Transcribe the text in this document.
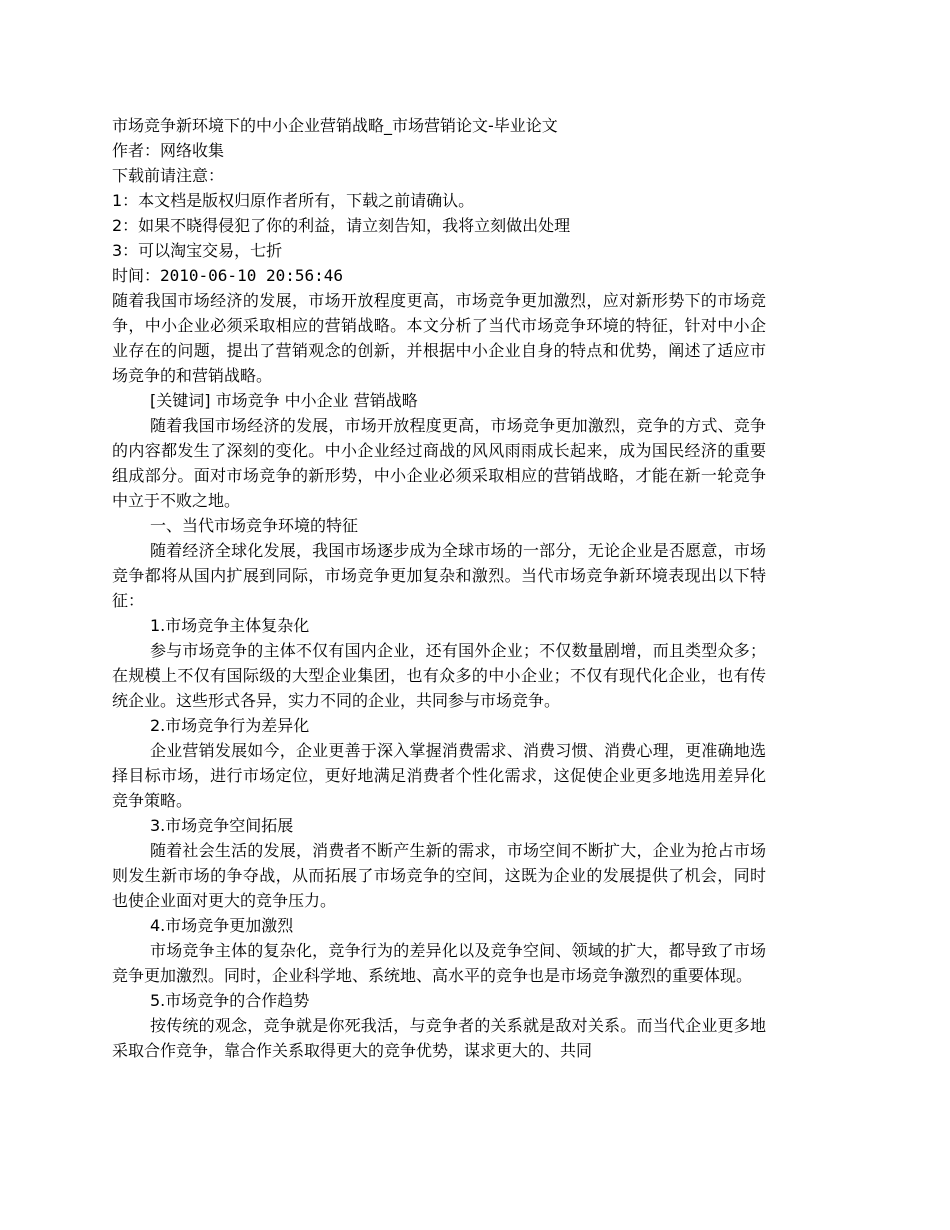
市场竞争新环境下的中小企业营销战略_市场营销论文-毕业论文

作者：网络收集

下载前请注意：

1：本文档是版权归原作者所有，下载之前请确认。

2：如果不晓得侵犯了你的利益，请立刻告知，我将立刻做出处理

3：可以淘宝交易，七折

时间：2010-06-10 20:56:46

随着我国市场经济的发展，市场开放程度更高，市场竞争更加激烈，应对新形势下的市场竞争，中小企业必须采取相应的营销战略。本文分析了当代市场竞争环境的特征，针对中小企业存在的问题，提出了营销观念的创新，并根据中小企业自身的特点和优势，阐述了适应市场竞争的和营销战略。

[关键词] 市场竞争 中小企业 营销战略

随着我国市场经济的发展，市场开放程度更高，市场竞争更加激烈，竞争的方式、竞争的内容都发生了深刻的变化。中小企业经过商战的风风雨雨成长起来，成为国民经济的重要组成部分。面对市场竞争的新形势，中小企业必须采取相应的营销战略，才能在新一轮竞争中立于不败之地。

一、当代市场竞争环境的特征

随着经济全球化发展，我国市场逐步成为全球市场的一部分，无论企业是否愿意，市场竞争都将从国内扩展到同际，市场竞争更加复杂和激烈。当代市场竞争新环境表现出以下特征：

1.市场竞争主体复杂化

参与市场竞争的主体不仅有国内企业，还有国外企业；不仅数量剧增，而且类型众多；在规模上不仅有国际级的大型企业集团，也有众多的中小企业；不仅有现代化企业，也有传统企业。这些形式各异，实力不同的企业，共同参与市场竞争。

2.市场竞争行为差异化

企业营销发展如今，企业更善于深入掌握消费需求、消费习惯、消费心理，更准确地选择目标市场，进行市场定位，更好地满足消费者个性化需求，这促使企业更多地选用差异化竞争策略。

3.市场竞争空间拓展

随着社会生活的发展，消费者不断产生新的需求，市场空间不断扩大，企业为抢占市场则发生新市场的争夺战，从而拓展了市场竞争的空间，这既为企业的发展提供了机会，同时也使企业面对更大的竞争压力。

4.市场竞争更加激烈

市场竞争主体的复杂化，竞争行为的差异化以及竞争空间、领域的扩大，都导致了市场竞争更加激烈。同时，企业科学地、系统地、高水平的竞争也是市场竞争激烈的重要体现。

5.市场竞争的合作趋势

按传统的观念，竞争就是你死我活，与竞争者的关系就是敌对关系。而当代企业更多地采取合作竞争，靠合作关系取得更大的竞争优势，谋求更大的、共同
